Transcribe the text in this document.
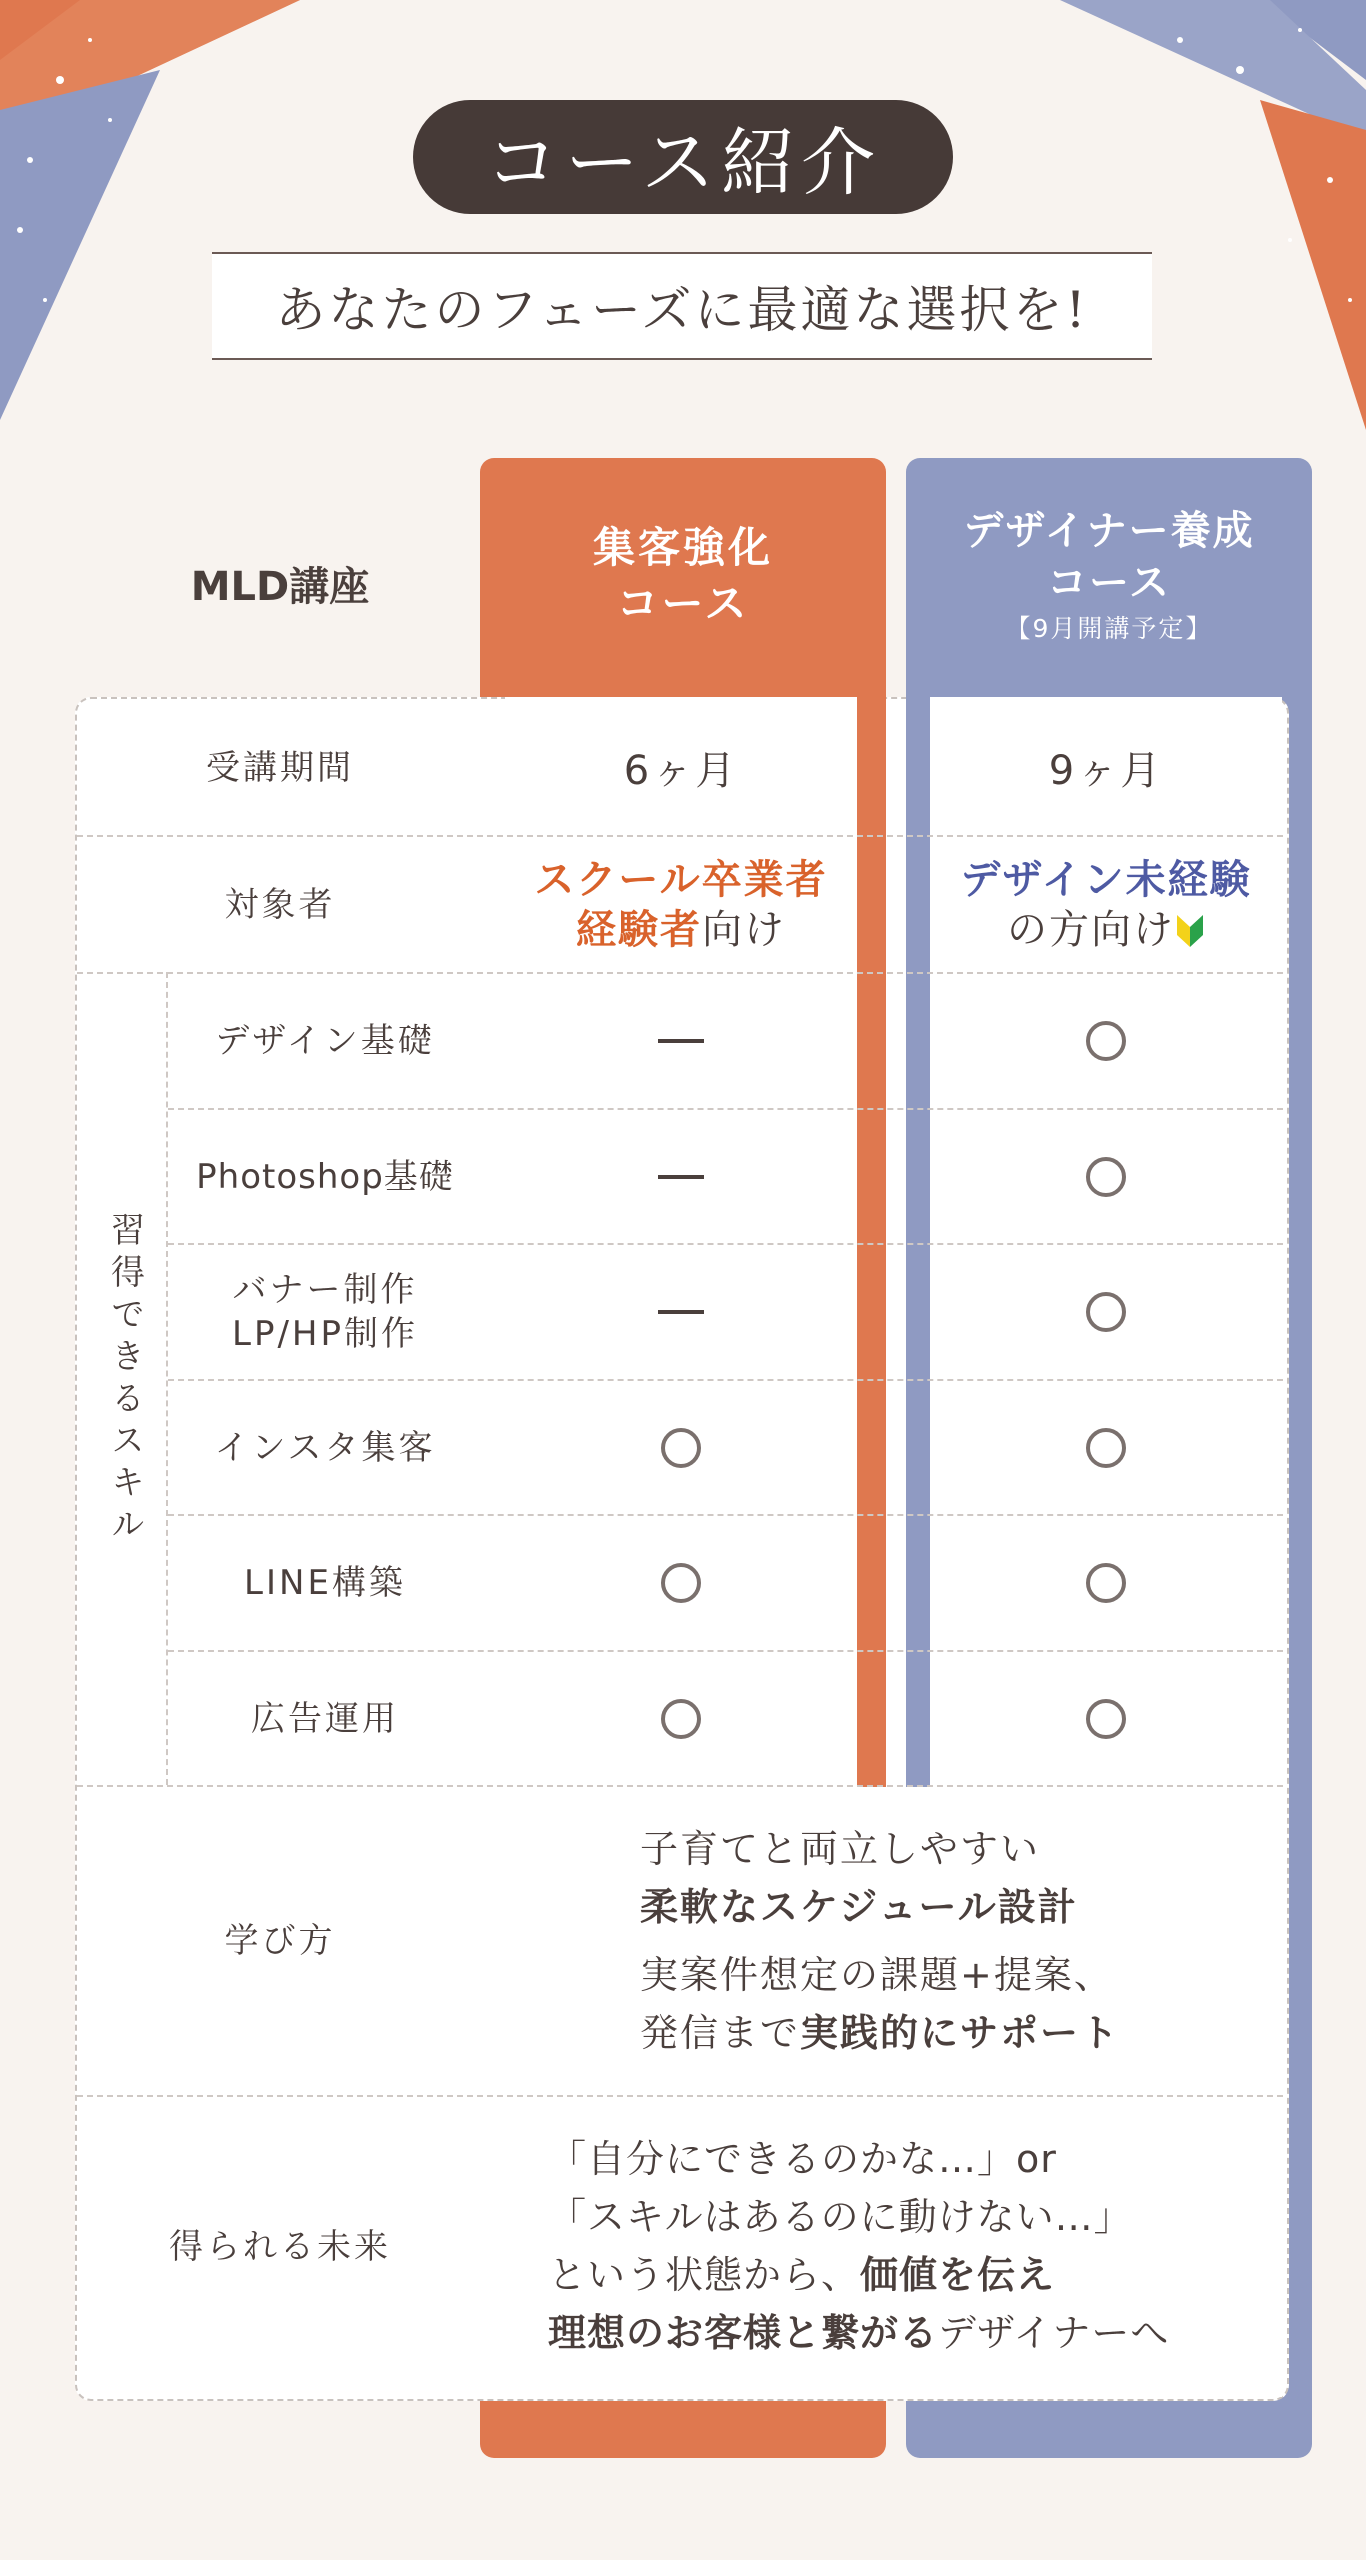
コース紹介
あなたのフェーズに最適な選択を!
MLD講座
集客強化
コース
デザイナー養成
コース
【9月開講予定】
受講期間	6ヶ月	9ヶ月
対象者
スクール卒業者
経験者向け
デザイン未経験
の方向け
習得できるスキル
デザイン基礎
Photoshop基礎
バナー制作
LP/HP制作
インスタ集客
LINE構築
広告運用
学び方
子育てと両立しやすい
柔軟なスケジュール設計
実案件想定の課題+提案、
発信まで実践的にサポート
得られる未来
「自分にできるのかな…」or
「スキルはあるのに動けない…」
という状態から、価値を伝え
理想のお客様と繋がるデザイナーへ
